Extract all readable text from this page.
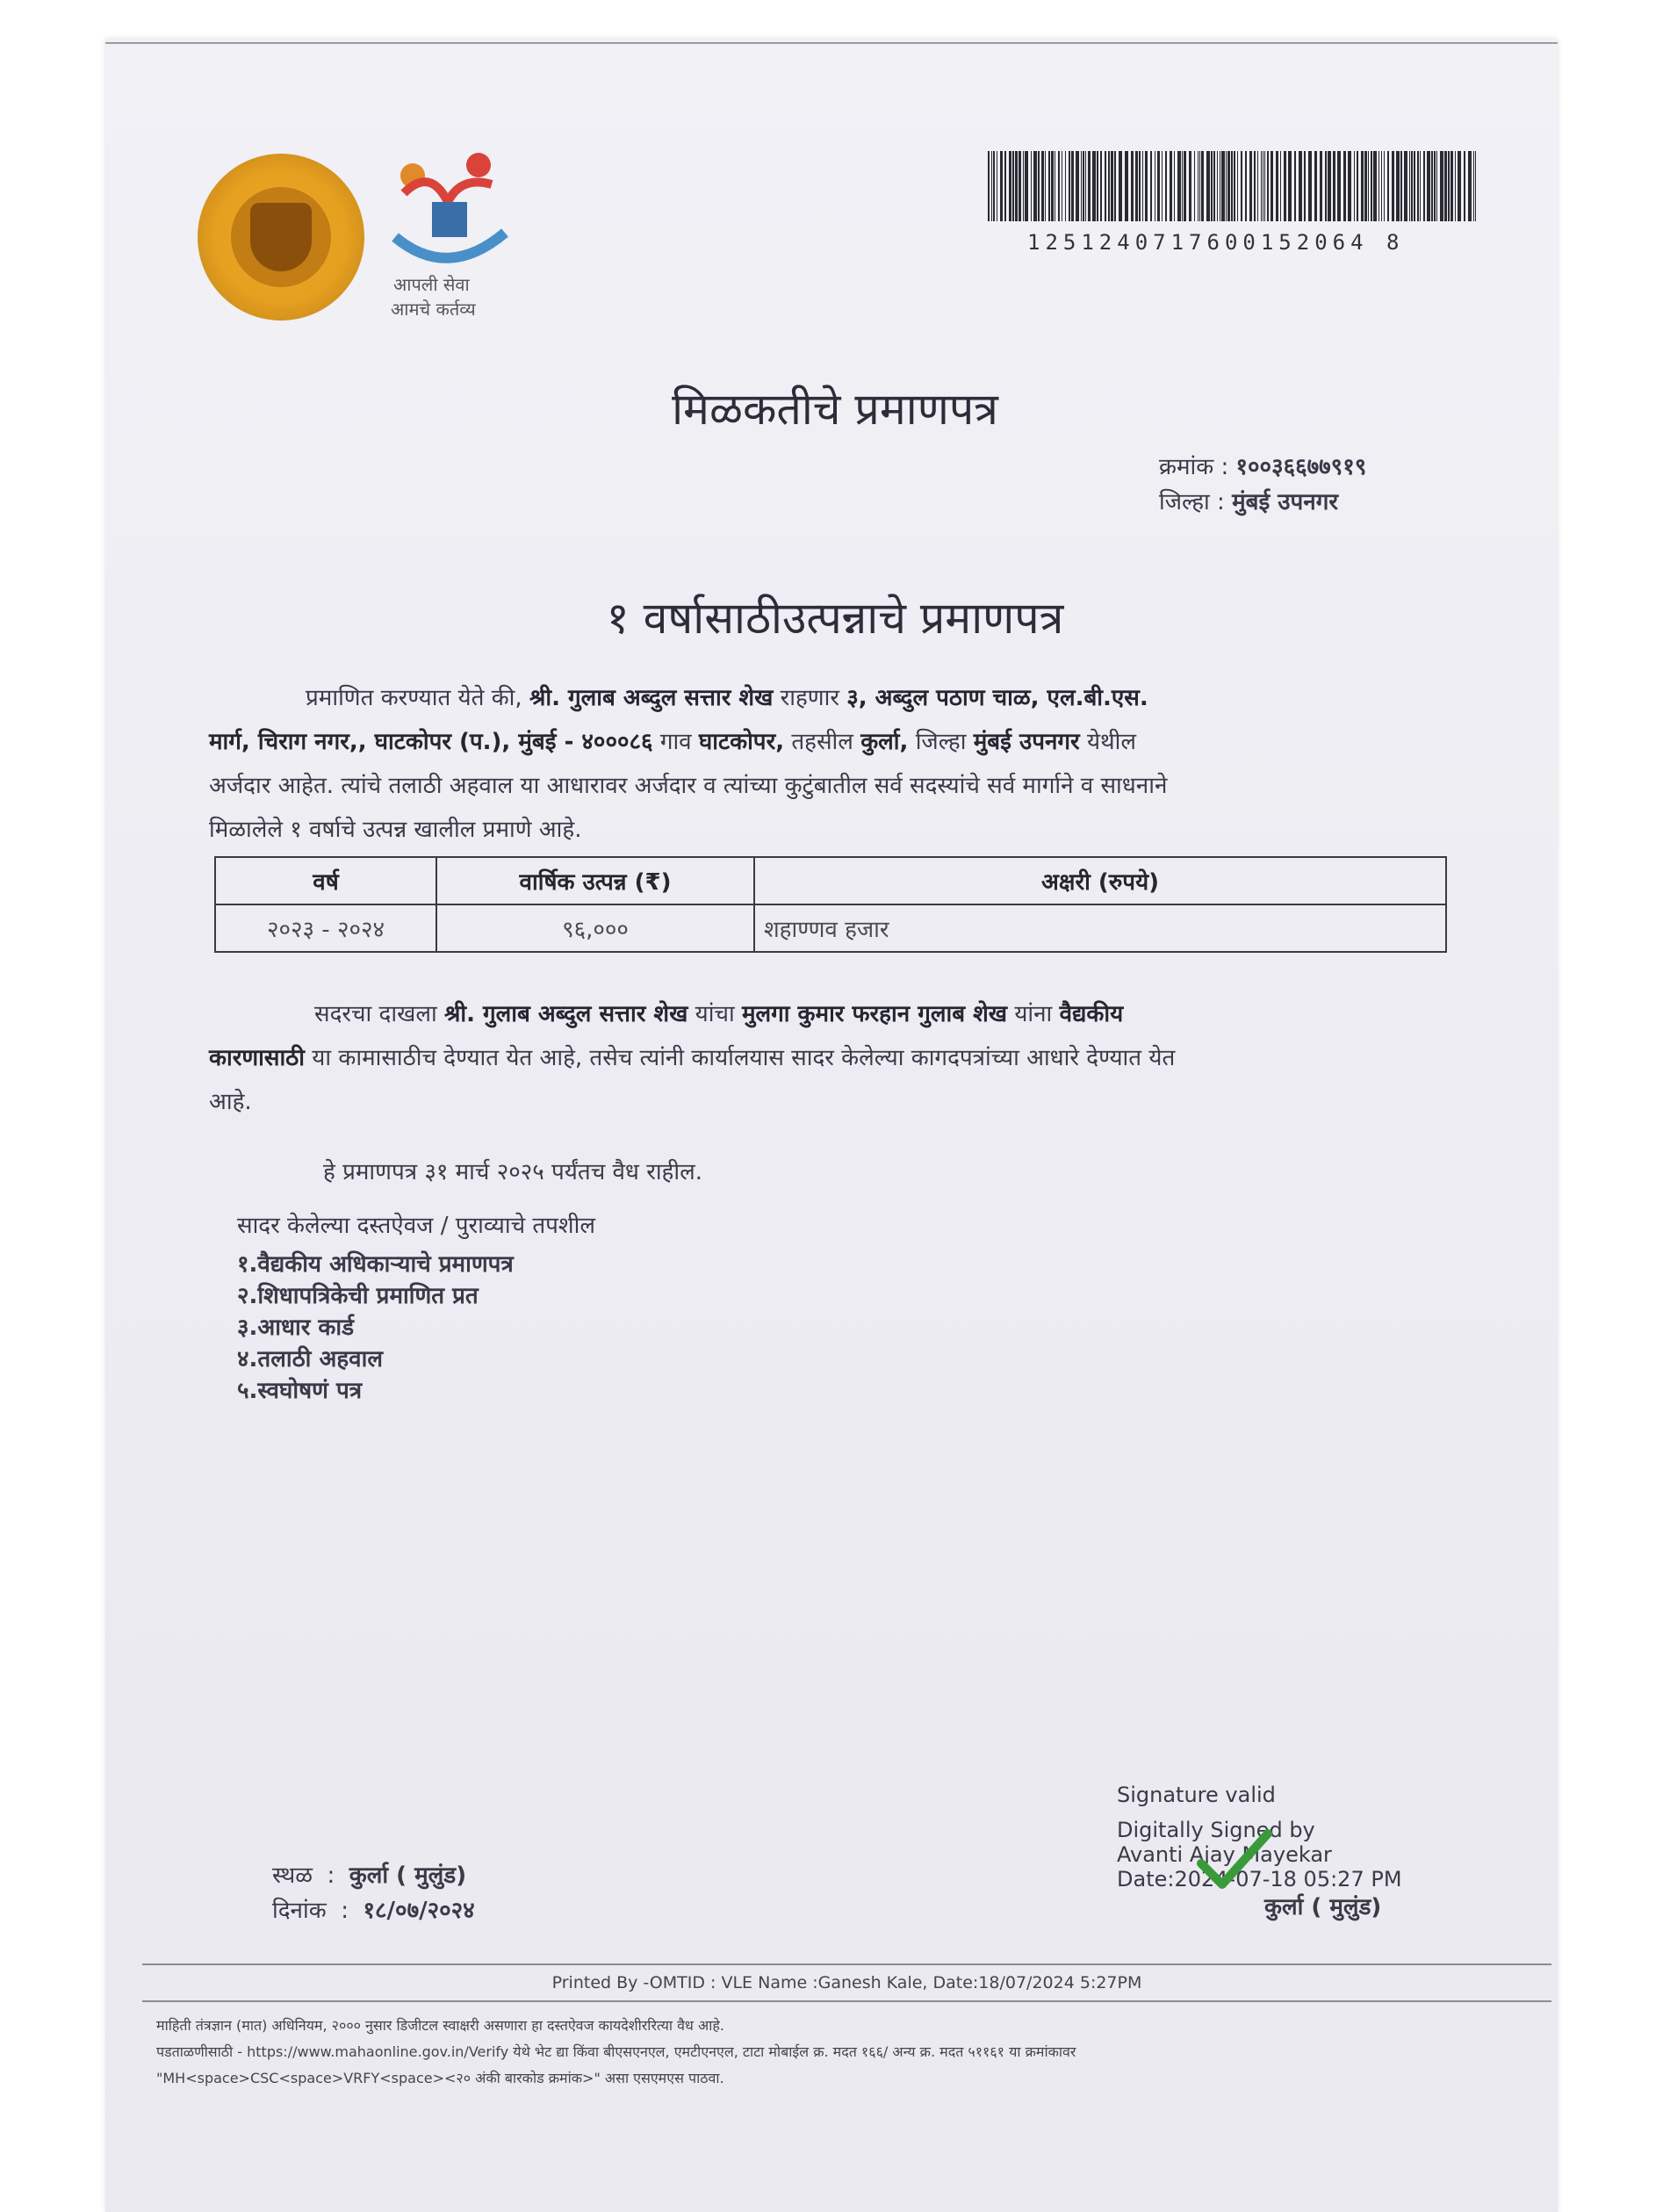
आपली सेवा
आमचे कर्तव्य
1251240717600152064 8
मिळकतीचे प्रमाणपत्र
क्रमांक : १००३६६७७९१९
जिल्हा : मुंबई उपनगर
१ वर्षासाठीउत्पन्नाचे प्रमाणपत्र
प्रमाणित करण्यात येते की, श्री. गुलाब अब्दुल सत्तार शेख राहणार ३, अब्दुल पठाण चाळ, एल.बी.एस.
मार्ग, चिराग नगर,, घाटकोपर (प.), मुंबई - ४०००८६ गाव घाटकोपर, तहसील कुर्ला, जिल्हा मुंबई उपनगर येथील
अर्जदार आहेत. त्यांचे तलाठी अहवाल या आधारावर अर्जदार व त्यांच्या कुटुंबातील सर्व सदस्यांचे सर्व मार्गाने व साधनाने
मिळालेले १ वर्षाचे उत्पन्न खालील प्रमाणे आहे.
वर्ष	वार्षिक उत्पन्न (₹)	अक्षरी (रुपये)
२०२३ - २०२४	९६,०००	शहाण्णव हजार
सदरचा दाखला श्री. गुलाब अब्दुल सत्तार शेख यांचा मुलगा कुमार फरहान गुलाब शेख यांना वैद्यकीय
कारणासाठी या कामासाठीच देण्यात येत आहे, तसेच त्यांनी कार्यालयास सादर केलेल्या कागदपत्रांच्या आधारे देण्यात येत
आहे.
हे प्रमाणपत्र ३१ मार्च २०२५ पर्यंतच वैध राहील.
सादर केलेल्या दस्तऐवज / पुराव्याचे तपशील
१.वैद्यकीय अधिकाऱ्याचे प्रमाणपत्र
२.शिधापत्रिकेची प्रमाणित प्रत
३.आधार कार्ड
४.तलाठी अहवाल
५.स्वघोषणं पत्र
Signature valid
Digitally Signed by
Avanti Ajay Mayekar
Date:2024-07-18 05:27 PM
कुर्ला ( मुलुंड)
स्थळ  :  कुर्ला ( मुलुंड)
दिनांक  :  १८/०७/२०२४
Printed By -OMTID : VLE Name :Ganesh Kale, Date:18/07/2024 5:27PM
माहिती तंत्रज्ञान (मात) अधिनियम, २००० नुसार डिजीटल स्वाक्षरी असणारा हा दस्तऐवज कायदेशीररित्या वैध आहे.
पडताळणीसाठी - https://www.mahaonline.gov.in/Verify येथे भेट द्या किंवा बीएसएनएल, एमटीएनएल, टाटा मोबाईल क्र. मदत १६६/ अन्य क्र. मदत ५११६१ या क्रमांकावर
"MH<space>CSC<space>VRFY<space><२० अंकी बारकोड क्रमांक>" असा एसएमएस पाठवा.
